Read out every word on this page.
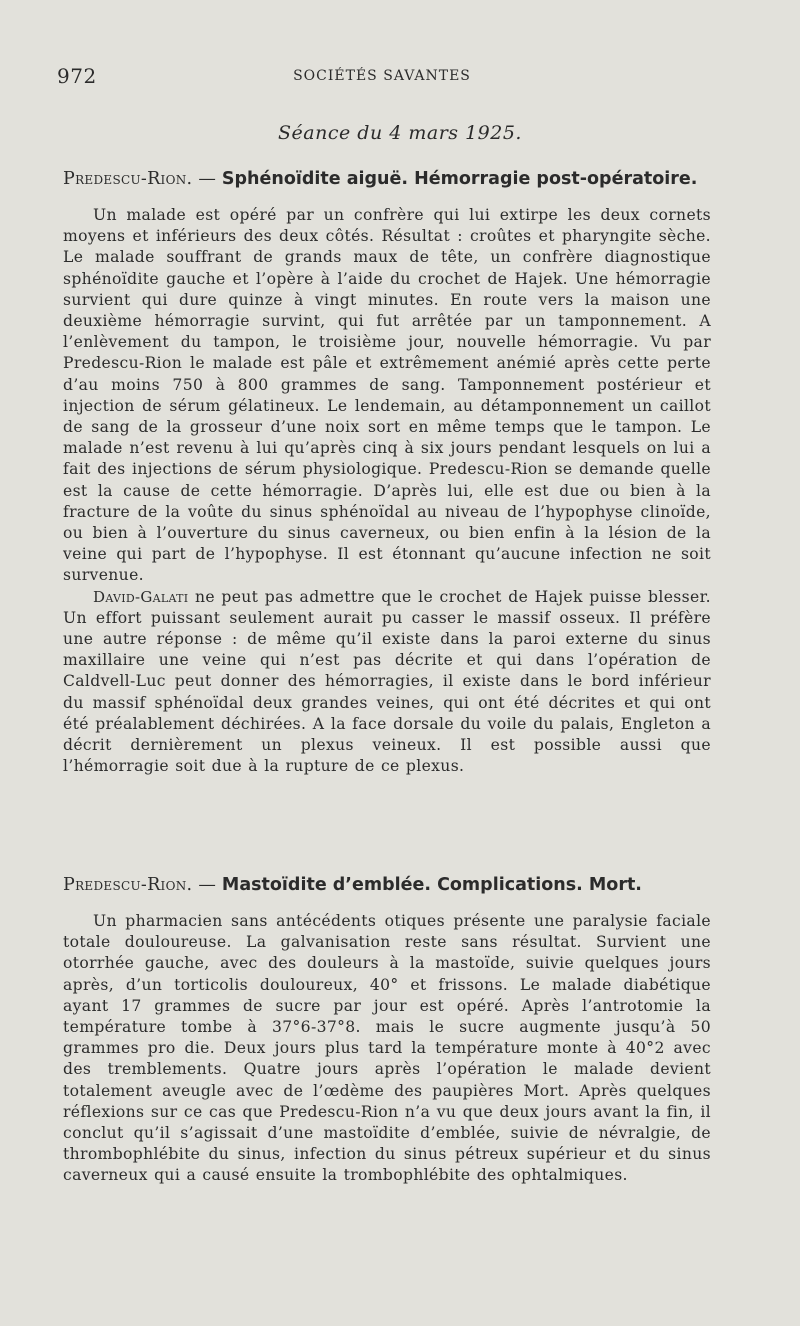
972	SOCIÉTÉS SAVANTES
Séance du 4 mars 1925.

Predescu-Rion. — Sphénoïdite aiguë. Hémorragie post-opératoire.

Un malade est opéré par un confrère qui lui extirpe les deux cornets moyens et inférieurs des deux côtés. Résultat : croûtes et pharyngite sèche. Le malade souffrant de grands maux de tête, un confrère diagnostique sphénoïdite gauche et l’opère à l’aide du crochet de Hajek. Une hémorragie survient qui dure quinze à vingt minutes. En route vers la maison une deuxième hémorragie survint, qui fut arrêtée par un tamponnement. A l’enlèvement du tampon, le troisième jour, nouvelle hémorragie. Vu par Predescu-Rion le malade est pâle et extrêmement anémié après cette perte d’au moins 750 à 800 grammes de sang. Tamponnement postérieur et injection de sérum gélatineux. Le lendemain, au détamponnement un caillot de sang de la grosseur d’une noix sort en même temps que le tampon. Le malade n’est revenu à lui qu’après cinq à six jours pendant lesquels on lui a fait des injections de sérum physiologique. Predescu-Rion se demande quelle est la cause de cette hémorragie. D’après lui, elle est due ou bien à la fracture de la voûte du sinus sphénoïdal au niveau de l’hypophyse clinoïde, ou bien à l’ouverture du sinus caverneux, ou bien enfin à la lésion de la veine qui part de l’hypophyse. Il est étonnant qu’aucune infection ne soit survenue.

David-Galati ne peut pas admettre que le crochet de Hajek puisse blesser. Un effort puissant seulement aurait pu casser le massif osseux. Il préfère une autre réponse : de même qu’il existe dans la paroi externe du sinus maxillaire une veine qui n’est pas décrite et qui dans l’opération de Caldvell-Luc peut donner des hémorragies, il existe dans le bord inférieur du massif sphénoïdal deux grandes veines, qui ont été décrites et qui ont été préalablement déchirées. A la face dorsale du voile du palais, Engleton a décrit dernièrement un plexus veineux. Il est possible aussi que l’hémorragie soit due à la rupture de ce plexus.

Predescu-Rion. — Mastoïdite d’emblée. Complications. Mort.

Un pharmacien sans antécédents otiques présente une paralysie faciale totale douloureuse. La galvanisation reste sans résultat. Survient une otorrhée gauche, avec des douleurs à la mastoïde, suivie quelques jours après, d’un torticolis douloureux, 40° et frissons. Le malade diabétique ayant 17 grammes de sucre par jour est opéré. Après l’antrotomie la température tombe à 37°6-37°8. mais le sucre augmente jusqu’à 50 grammes pro die. Deux jours plus tard la température monte à 40°2 avec des tremblements. Quatre jours après l’opération le malade devient totalement aveugle avec de l’œdème des paupières Mort. Après quelques réflexions sur ce cas que Predescu-Rion n’a vu que deux jours avant la fin, il conclut qu’il s’agissait d’une mastoïdite d’emblée, suivie de névralgie, de thrombophlébite du sinus, infection du sinus pétreux supérieur et du sinus caverneux qui a causé ensuite la trombophlébite des ophtalmiques.
